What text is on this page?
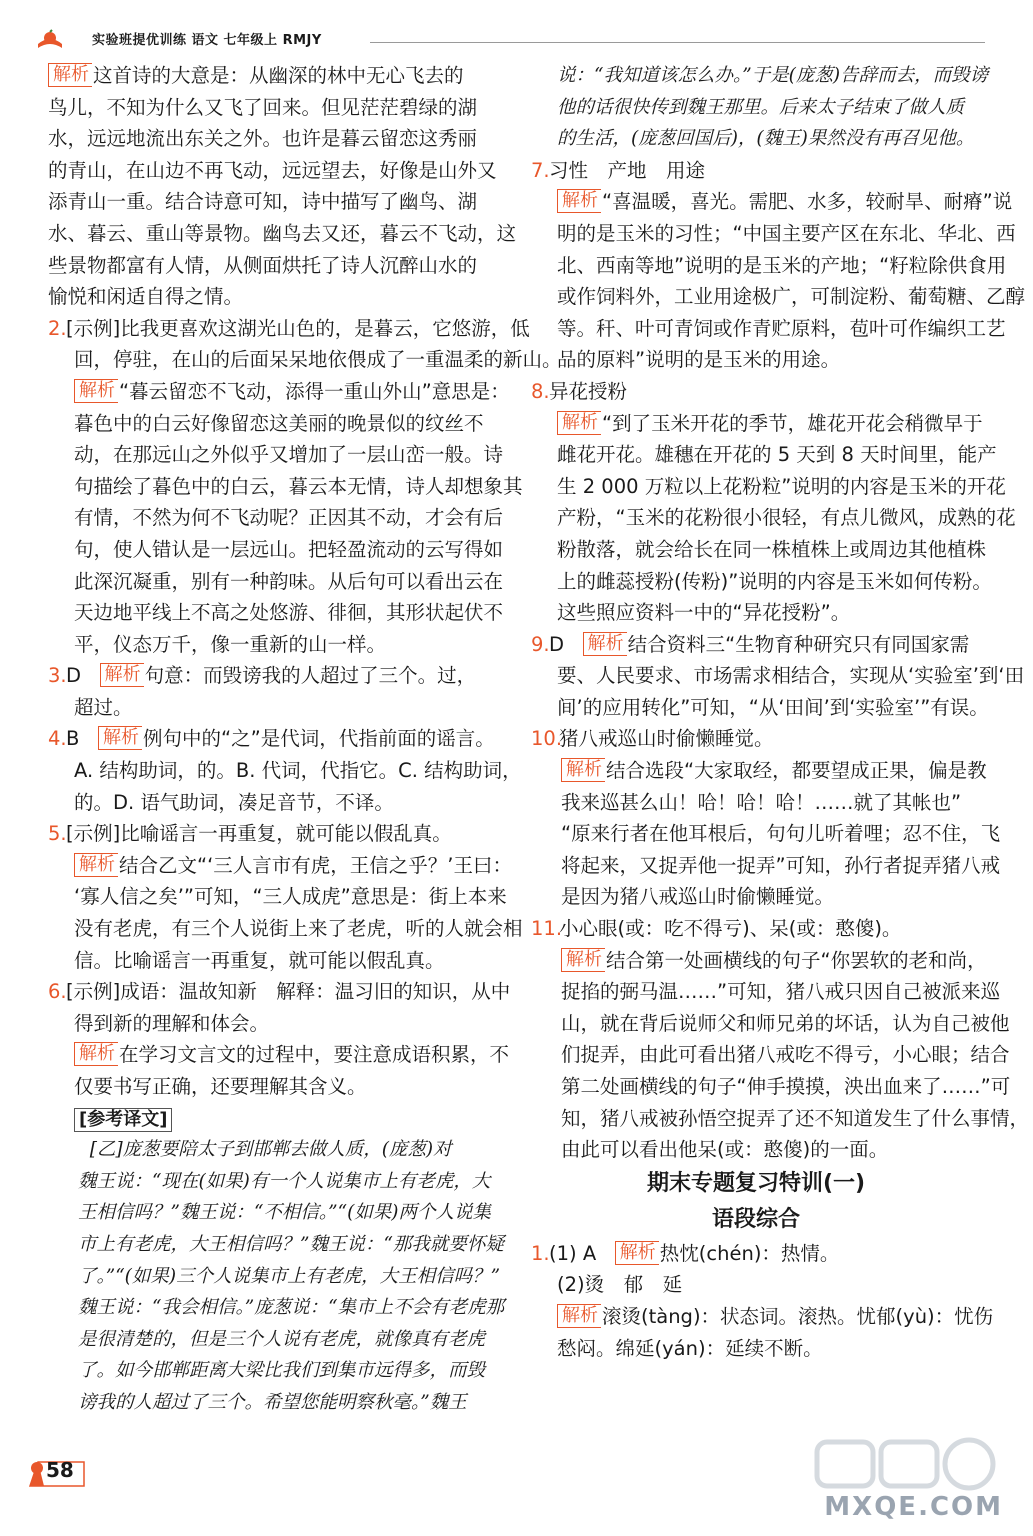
实验班提优训练 语文 七年级上 RMJY
解析 这首诗的大意是：从幽深的林中无心飞去的
鸟儿，不知为什么又飞了回来。但见茫茫碧绿的湖
水，远远地流出东关之外。也许是暮云留恋这秀丽
的青山，在山边不再飞动，远远望去，好像是山外又
添青山一重。结合诗意可知，诗中描写了幽鸟、湖
水、暮云、重山等景物。幽鸟去又还，暮云不飞动，这
些景物都富有人情，从侧面烘托了诗人沉醉山水的
愉悦和闲适自得之情。
2.[示例]比我更喜欢这湖光山色的，是暮云，它悠游，低
回，停驻，在山的后面呆呆地依偎成了一重温柔的新山。
解析 “暮云留恋不飞动，添得一重山外山”意思是：
暮色中的白云好像留恋这美丽的晚景似的纹丝不
动，在那远山之外似乎又增加了一层山峦一般。诗
句描绘了暮色中的白云，暮云本无情，诗人却想象其
有情，不然为何不飞动呢？正因其不动，才会有后
句，使人错认是一层远山。把轻盈流动的云写得如
此深沉凝重，别有一种韵味。从后句可以看出云在
天边地平线上不高之处悠游、徘徊，其形状起伏不
平，仪态万千，像一重新的山一样。
3.D 解析 句意：而毁谤我的人超过了三个。过，
超过。
4.B 解析 例句中的“之”是代词，代指前面的谣言。
A. 结构助词，的。B. 代词，代指它。C. 结构助词，
的。D. 语气助词，凑足音节，不译。
5.[示例]比喻谣言一再重复，就可能以假乱真。
解析 结合乙文“‘三人言市有虎，王信之乎？’王曰：
‘寡人信之矣’”可知，“三人成虎”意思是：街上本来
没有老虎，有三个人说街上来了老虎，听的人就会相
信。比喻谣言一再重复，就可能以假乱真。
6.[示例]成语：温故知新　解释：温习旧的知识，从中
得到新的理解和体会。
解析 在学习文言文的过程中，要注意成语积累，不
仅要书写正确，还要理解其含义。
[参考译文]
[乙]庞葱要陪太子到邯郸去做人质，(庞葱)对
魏王说：“现在(如果)有一个人说集市上有老虎，大
王相信吗？”魏王说：“不相信。”“(如果)两个人说集
市上有老虎，大王相信吗？”魏王说：“那我就要怀疑
了。”“(如果)三个人说集市上有老虎，大王相信吗？”
魏王说：“我会相信。”庞葱说：“集市上不会有老虎那
是很清楚的，但是三个人说有老虎，就像真有老虎
了。如今邯郸距离大梁比我们到集市远得多，而毁
谤我的人超过了三个。希望您能明察秋毫。”魏王
说：“我知道该怎么办。”于是(庞葱)告辞而去，而毁谤
他的话很快传到魏王那里。后来太子结束了做人质
的生活，(庞葱回国后)，(魏王)果然没有再召见他。
7.习性　产地　用途
解析 “喜温暖，喜光。需肥、水多，较耐旱、耐瘠”说
明的是玉米的习性；“中国主要产区在东北、华北、西
北、西南等地”说明的是玉米的产地；“籽粒除供食用
或作饲料外，工业用途极广，可制淀粉、葡萄糖、乙醇
等。秆、叶可青饲或作青贮原料，苞叶可作编织工艺
品的原料”说明的是玉米的用途。
8.异花授粉
解析 “到了玉米开花的季节，雄花开花会稍微早于
雌花开花。雄穗在开花的 5 天到 8 天时间里，能产
生 2 000 万粒以上花粉粒”说明的内容是玉米的开花
产粉，“玉米的花粉很小很轻，有点儿微风，成熟的花
粉散落，就会给长在同一株植株上或周边其他植株
上的雌蕊授粉(传粉)”说明的内容是玉米如何传粉。
这些照应资料一中的“异花授粉”。
9.D 解析 结合资料三“生物育种研究只有同国家需
要、人民要求、市场需求相结合，实现从‘实验室’到‘田
间’的应用转化”可知，“从‘田间’到‘实验室’”有误。
10.猪八戒巡山时偷懒睡觉。
解析 结合选段“大家取经，都要望成正果，偏是教
我来巡甚么山！哈！哈！哈！……就了其帐也”
“原来行者在他耳根后，句句儿听着哩；忍不住，飞
将起来，又捉弄他一捉弄”可知，孙行者捉弄猪八戒
是因为猪八戒巡山时偷懒睡觉。
11.小心眼(或：吃不得亏)、呆(或：憨傻)。
解析 结合第一处画横线的句子“你罢软的老和尚，
捉掐的弼马温……”可知，猪八戒只因自己被派来巡
山，就在背后说师父和师兄弟的坏话，认为自己被他
们捉弄，由此可看出猪八戒吃不得亏，小心眼；结合
第二处画横线的句子“伸手摸摸，泱出血来了……”可
知，猪八戒被孙悟空捉弄了还不知道发生了什么事情，
由此可以看出他呆(或：憨傻)的一面。
期末专题复习特训(一)
语段综合
1.(1) A 解析 热忱(chén)：热情。
(2)烫　郁　延
解析 滚烫(tàng)：状态词。滚热。忧郁(yù)：忧伤
愁闷。绵延(yán)：延续不断。
58
MXQE.COM
